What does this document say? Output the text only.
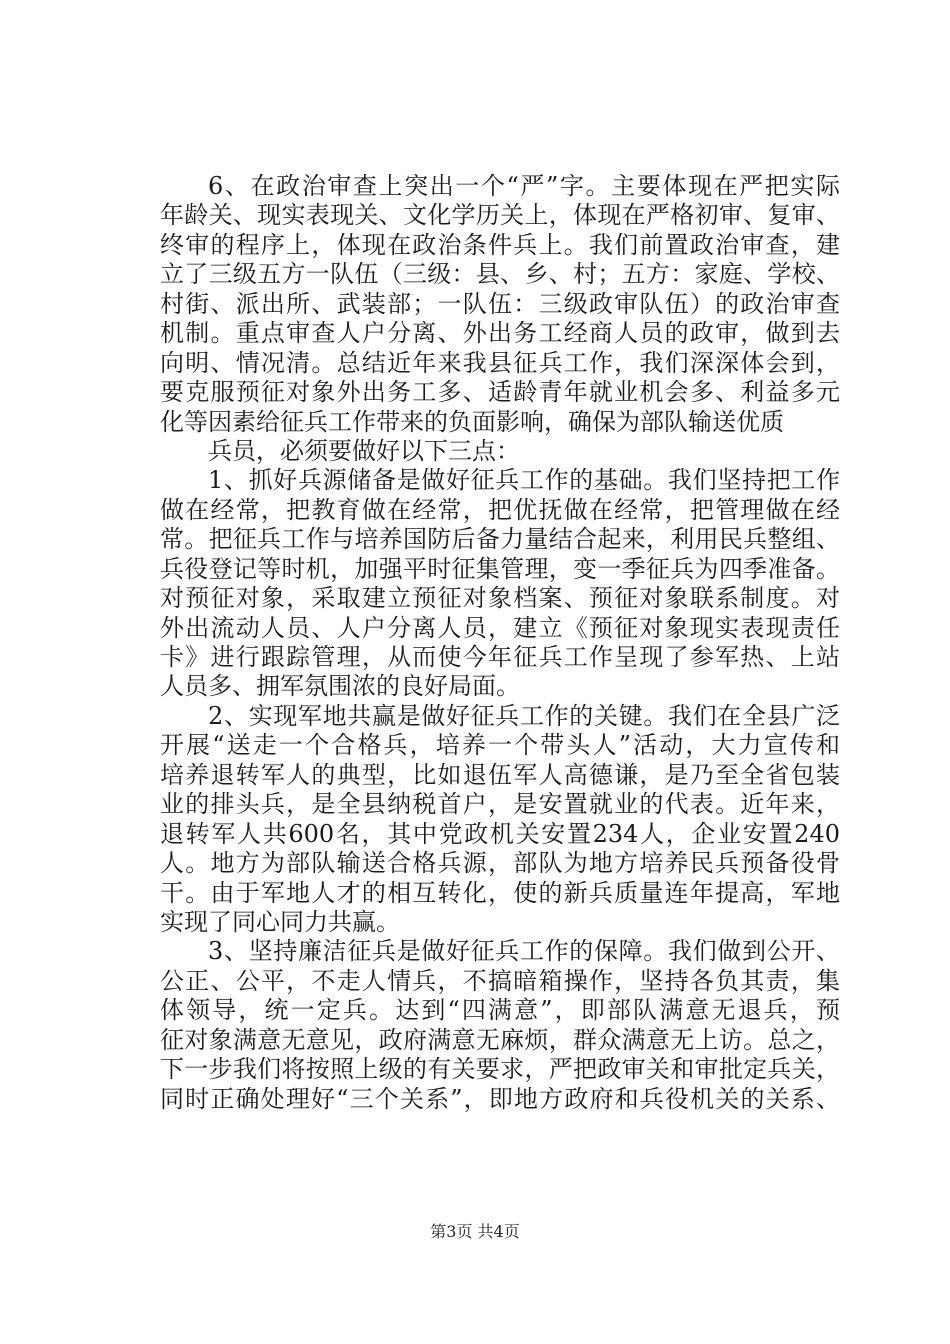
6、在政治审查上突出一个“严”字。主要体现在严把实际
年龄关、现实表现关、文化学历关上，体现在严格初审、复审、
终审的程序上，体现在政治条件兵上。我们前置政治审查，建
立了三级五方一队伍（三级：县、乡、村；五方：家庭、学校、
村街、派出所、武装部；一队伍：三级政审队伍）的政治审查
机制。重点审查人户分离、外出务工经商人员的政审，做到去
向明、情况清。总结近年来我县征兵工作，我们深深体会到，
要克服预征对象外出务工多、适龄青年就业机会多、利益多元
化等因素给征兵工作带来的负面影响，确保为部队输送优质
兵员，必须要做好以下三点：
1、抓好兵源储备是做好征兵工作的基础。我们坚持把工作
做在经常，把教育做在经常，把优抚做在经常，把管理做在经
常。把征兵工作与培养国防后备力量结合起来，利用民兵整组、
兵役登记等时机，加强平时征集管理，变一季征兵为四季准备。
对预征对象，采取建立预征对象档案、预征对象联系制度。对
外出流动人员、人户分离人员，建立《预征对象现实表现责任
卡》进行跟踪管理，从而使今年征兵工作呈现了参军热、上站
人员多、拥军氛围浓的良好局面。
2、实现军地共赢是做好征兵工作的关键。我们在全县广泛
开展“送走一个合格兵，培养一个带头人”活动，大力宣传和
培养退转军人的典型，比如退伍军人高德谦，是乃至全省包装
业的排头兵，是全县纳税首户，是安置就业的代表。近年来，
退转军人共600名，其中党政机关安置234人，企业安置240
人。地方为部队输送合格兵源，部队为地方培养民兵预备役骨
干。由于军地人才的相互转化，使的新兵质量连年提高，军地
实现了同心同力共赢。
3、坚持廉洁征兵是做好征兵工作的保障。我们做到公开、
公正、公平，不走人情兵，不搞暗箱操作，坚持各负其责，集
体领导，统一定兵。达到“四满意”，即部队满意无退兵，预
征对象满意无意见，政府满意无麻烦，群众满意无上访。总之，
下一步我们将按照上级的有关要求，严把政审关和审批定兵关，
同时正确处理好“三个关系”，即地方政府和兵役机关的关系、
第3页 共4页
